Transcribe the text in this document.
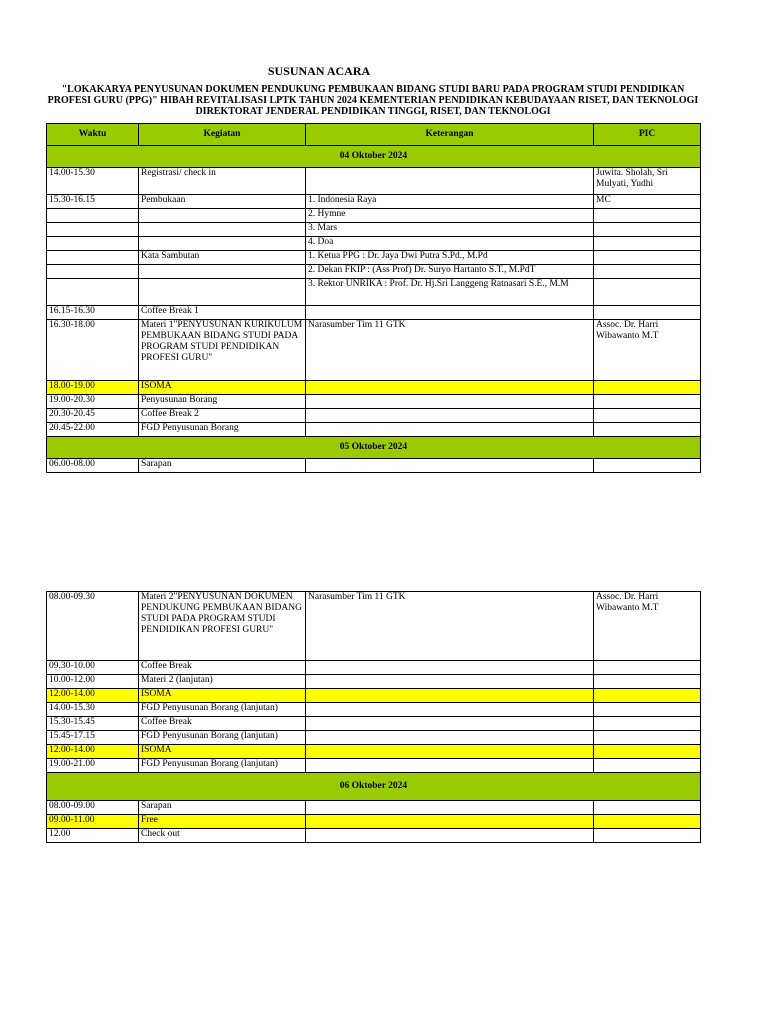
SUSUNAN ACARA
"LOKAKARYA PENYUSUNAN DOKUMEN PENDUKUNG PEMBUKAAN BIDANG STUDI BARU PADA PROGRAM STUDI PENDIDIKAN PROFESI GURU (PPG)" HIBAH REVITALISASI LPTK TAHUN 2024 KEMENTERIAN PENDIDIKAN KEBUDAYAAN RISET, DAN TEKNOLOGI DIREKTORAT JENDERAL PENDIDIKAN TINGGI, RISET, DAN TEKNOLOGI
Waktu	Kegiatan	Keterangan	PIC
04 Oktober 2024			
14.00-15.30	Registrasi/ check in		Juwita. Sholah, Sri Mulyati, Yudhi
15.30-16.15	Pembukaan	1. Indonesia Raya	MC
		2. Hymne	
		3. Mars	
		4. Doa	
	Kata Sambutan	1. Ketua PPG : Dr. Jaya Dwi Putra S.Pd., M.Pd	
		2. Dekan FKIP : (Ass Prof) Dr. Suryo Hartanto S.T., M.PdT	
		3. Rektor UNRIKA : Prof. Dr. Hj.Sri Langgeng Ratnasari S.E., M.M	
16.15-16.30	Coffee Break 1		
16.30-18.00	Materi 1"PENYUSUNAN KURIKULUM PEMBUKAAN BIDANG STUDI PADA PROGRAM STUDI PENDIDIKAN PROFESI GURU"	Narasumber Tim 11 GTK	Assoc. Dr. Harri Wibawanto M.T
18.00-19.00	ISOMA		
19.00-20.30	Penyusunan Borang		
20.30-20.45	Coffee Break 2		
20.45-22.00	FGD Penyusunan Borang		
05 Oktober 2024			
06.00-08.00	Sarapan		
08.00-09.30	Materi 2"PENYUSUNAN DOKUMEN PENDUKUNG PEMBUKAAN BIDANG STUDI PADA PROGRAM STUDI PENDIDIKAN PROFESI GURU"	Narasumber Tim 11 GTK	Assoc. Dr. Harri Wibawanto M.T
09.30-10.00	Coffee Break		
10.00-12.00	Materi 2 (lanjutan)		
12.00-14.00	ISOMA		
14.00-15.30	FGD Penyusunan Borang (lanjutan)		
15.30-15.45	Coffee Break		
15.45-17.15	FGD Penyusunan Borang (lanjutan)		
12.00-14.00	ISOMA		
19.00-21.00	FGD Penyusunan Borang (lanjutan)		
06 Oktober 2024			
08.00-09.00	Sarapan		
09.00-11.00	Free		
12.00	Check out		
